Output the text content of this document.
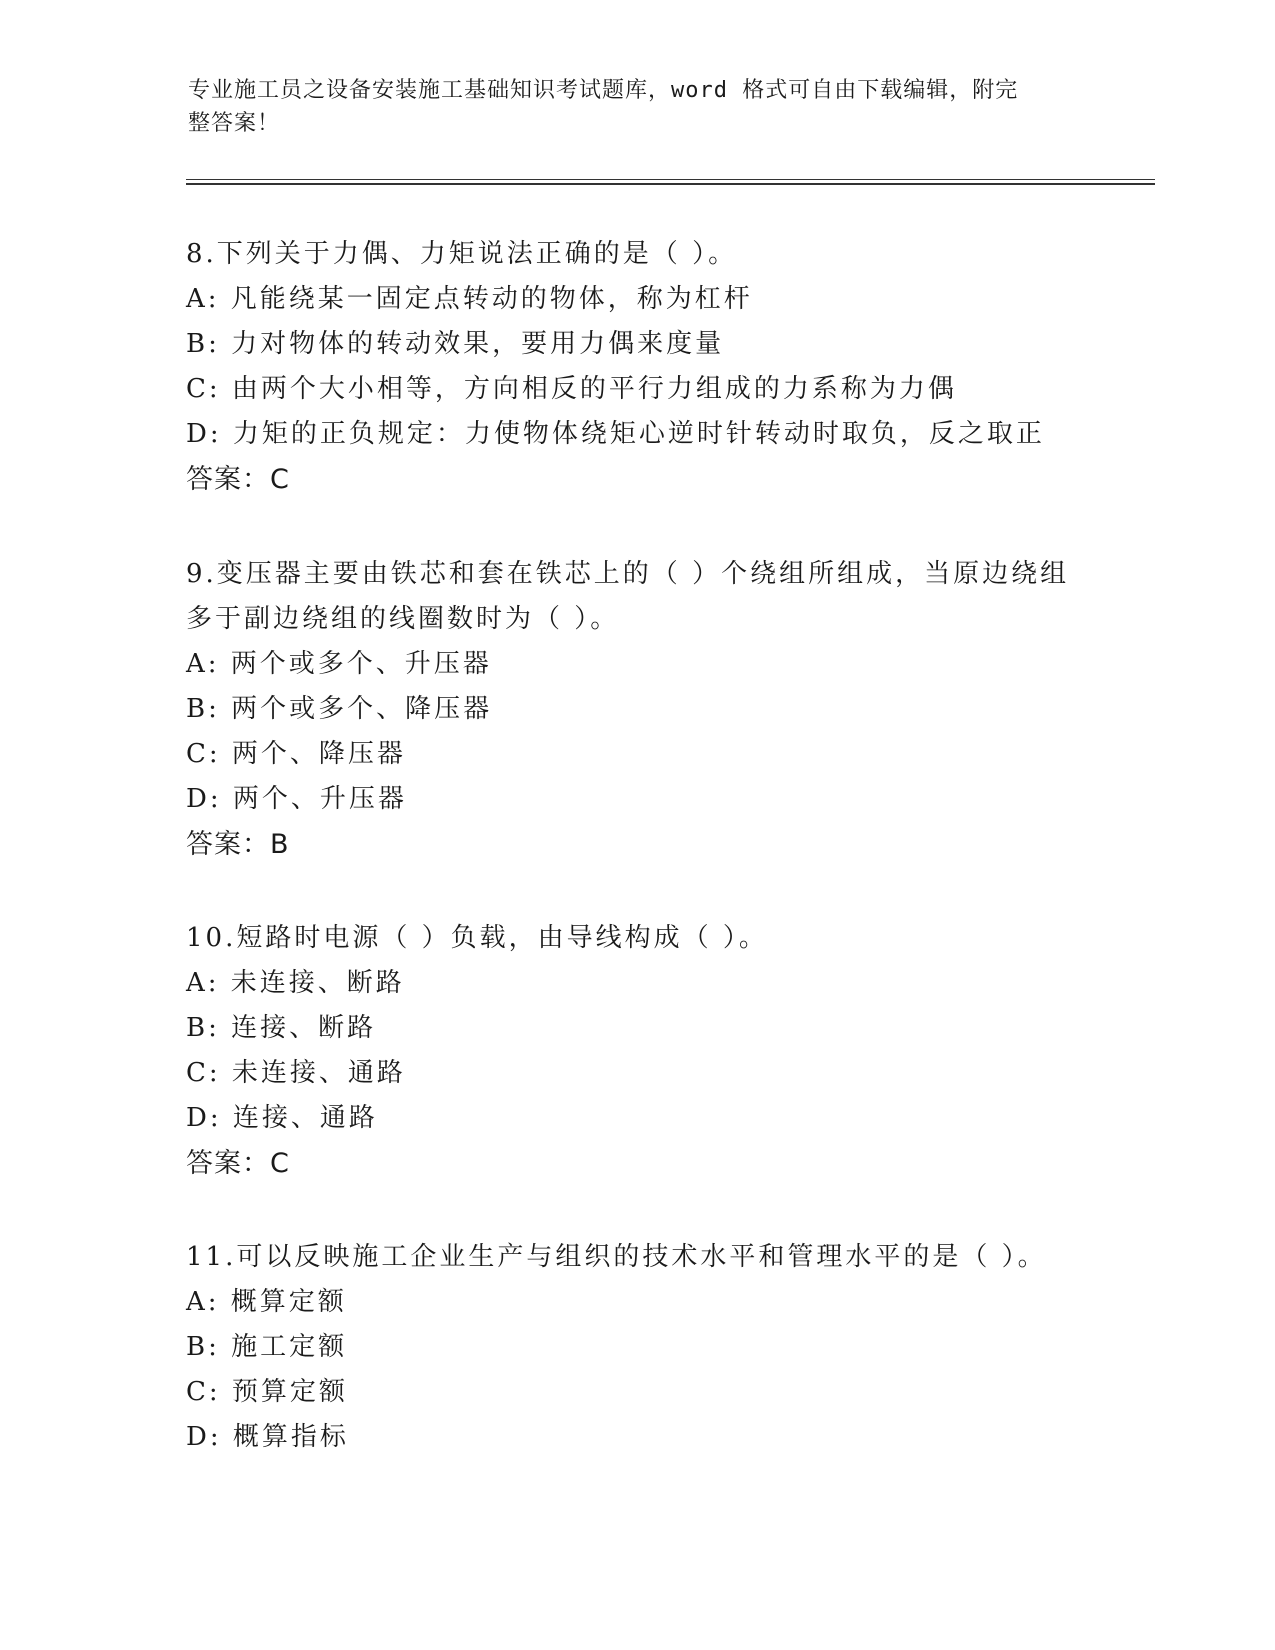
专业施工员之设备安装施工基础知识考试题库，word 格式可自由下载编辑，附完
整答案！
8.下列关于力偶、力矩说法正确的是（ ）。
A: 凡能绕某一固定点转动的物体，称为杠杆
B: 力对物体的转动效果，要用力偶来度量
C: 由两个大小相等，方向相反的平行力组成的力系称为力偶
D: 力矩的正负规定：力使物体绕矩心逆时针转动时取负，反之取正
答案：C
9.变压器主要由铁芯和套在铁芯上的（ ）个绕组所组成，当原边绕组
多于副边绕组的线圈数时为（ ）。
A: 两个或多个、升压器
B: 两个或多个、降压器
C: 两个、降压器
D: 两个、升压器
答案：B
10.短路时电源（ ）负载，由导线构成（ ）。
A: 未连接、断路
B: 连接、断路
C: 未连接、通路
D: 连接、通路
答案：C
11.可以反映施工企业生产与组织的技术水平和管理水平的是（ ）。
A: 概算定额
B: 施工定额
C: 预算定额
D: 概算指标
